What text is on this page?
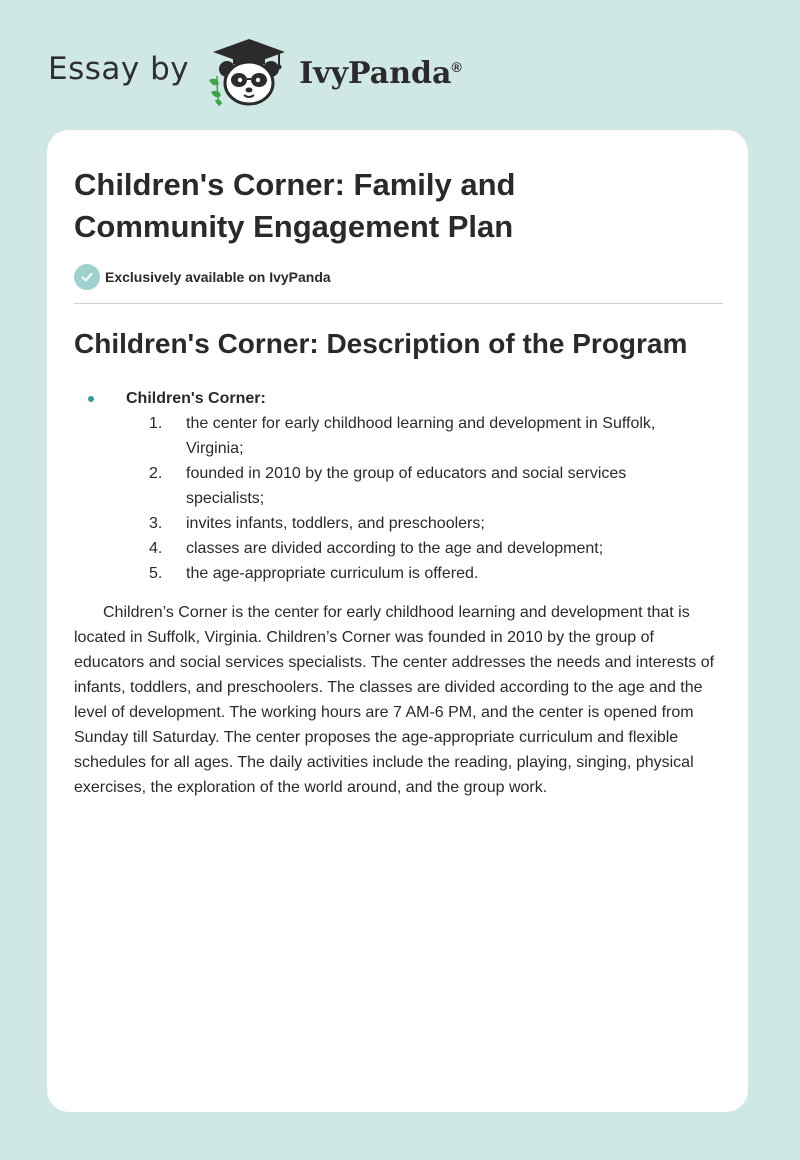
Essay by	IvyPanda®
Children's Corner: Family and Community Engagement Plan
Exclusively available on IvyPanda
Children's Corner: Description of the Program
Children's Corner:
1. the center for early childhood learning and development in Suffolk, Virginia;
2. founded in 2010 by the group of educators and social services specialists;
3. invites infants, toddlers, and preschoolers;
4. classes are divided according to the age and development;
5. the age-appropriate curriculum is offered.

Children’s Corner is the center for early childhood learning and development that is located in Suffolk, Virginia. Children’s Corner was founded in 2010 by the group of educators and social services specialists. The center addresses the needs and interests of infants, toddlers, and preschoolers. The classes are divided according to the age and the level of development. The working hours are 7 AM-6 PM, and the center is opened from Sunday till Saturday. The center proposes the age-appropriate curriculum and flexible schedules for all ages. The daily activities include the reading, playing, singing, physical exercises, the exploration of the world around, and the group work.
